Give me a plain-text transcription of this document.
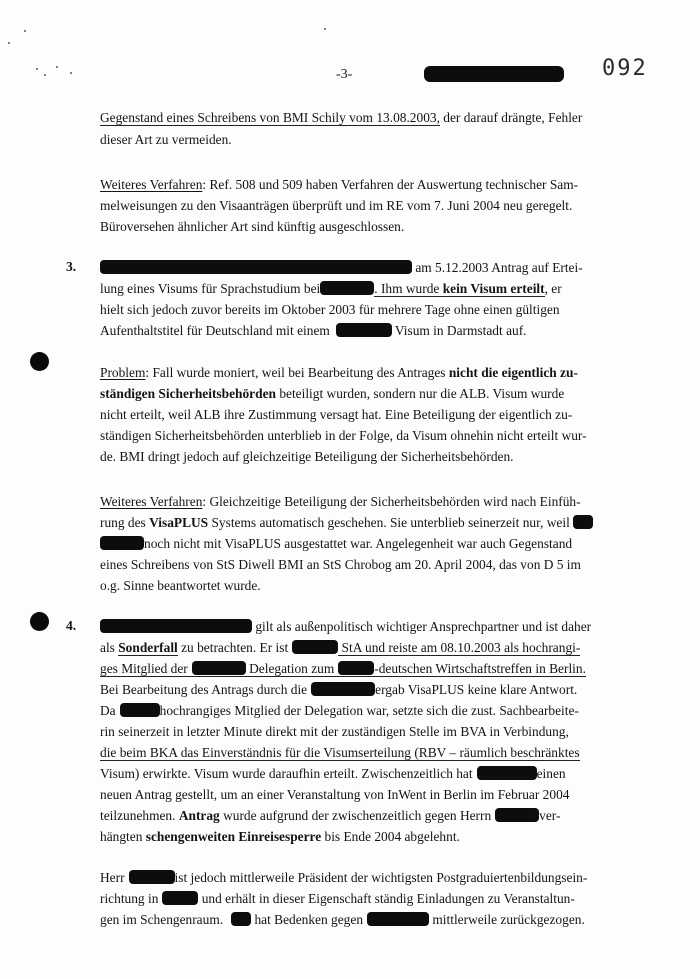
-3-	092
Gegenstand eines Schreibens von BMI Schily vom 13.08.2003, der darauf drängte, Fehler
dieser Art zu vermeiden.
Weiteres Verfahren: Ref. 508 und 509 haben Verfahren der Auswertung technischer Sam-
melweisungen zu den Visaanträgen überprüft und im RE vom 7. Juni 2004 neu geregelt.
Büroversehen ähnlicher Art sind künftig ausgeschlossen.
3.	am 5.12.2003 Antrag auf Ertei-
lung eines Visums für Sprachstudium bei	. Ihm wurde kein Visum erteilt, er
hielt sich jedoch zuvor bereits im Oktober 2003 für mehrere Tage ohne einen gültigen
Aufenthaltstitel für Deutschland mit einem	Visum in Darmstadt auf.
Problem: Fall wurde moniert, weil bei Bearbeitung des Antrages nicht die eigentlich zu-
ständigen Sicherheitsbehörden beteiligt wurden, sondern nur die ALB. Visum wurde
nicht erteilt, weil ALB ihre Zustimmung versagt hat. Eine Beteiligung der eigentlich zu-
ständigen Sicherheitsbehörden unterblieb in der Folge, da Visum ohnehin nicht erteilt wur-
de. BMI dringt jedoch auf gleichzeitige Beteiligung der Sicherheitsbehörden.
Weiteres Verfahren: Gleichzeitige Beteiligung der Sicherheitsbehörden wird nach Einfüh-
rung des VisaPLUS Systems automatisch geschehen. Sie unterblieb seinerzeit nur, weil
noch nicht mit VisaPLUS ausgestattet war. Angelegenheit war auch Gegenstand
eines Schreibens von StS Diwell BMI an StS Chrobog am 20. April 2004, das von D 5 im
o.g. Sinne beantwortet wurde.
4.	gilt als außenpolitisch wichtiger Ansprechpartner und ist daher
als Sonderfall zu betrachten. Er ist	StA und reiste am 08.10.2003 als hochrangi-
ges Mitglied der	Delegation zum	-deutschen Wirtschaftstreffen in Berlin.
Bei Bearbeitung des Antrags durch die	ergab VisaPLUS keine klare Antwort.
Da	hochrangiges Mitglied der Delegation war, setzte sich die zust. Sachbearbeite-
rin seinerzeit in letzter Minute direkt mit der zuständigen Stelle im BVA in Verbindung,
die beim BKA das Einverständnis für die Visumserteilung (RBV – räumlich beschränktes
Visum) erwirkte. Visum wurde daraufhin erteilt. Zwischenzeitlich hat	einen
neuen Antrag gestellt, um an einer Veranstaltung von InWent in Berlin im Februar 2004
teilzunehmen. Antrag wurde aufgrund der zwischenzeitlich gegen Herrn	ver-
hängten schengenweiten Einreisesperre bis Ende 2004 abgelehnt.
Herr	ist jedoch mittlerweile Präsident der wichtigsten Postgraduiertenbildungsein-
richtung in	und erhält in dieser Eigenschaft ständig Einladungen zu Veranstaltun-
gen im Schengenraum. hat Bedenken gegen	mittlerweile zurückgezogen.
